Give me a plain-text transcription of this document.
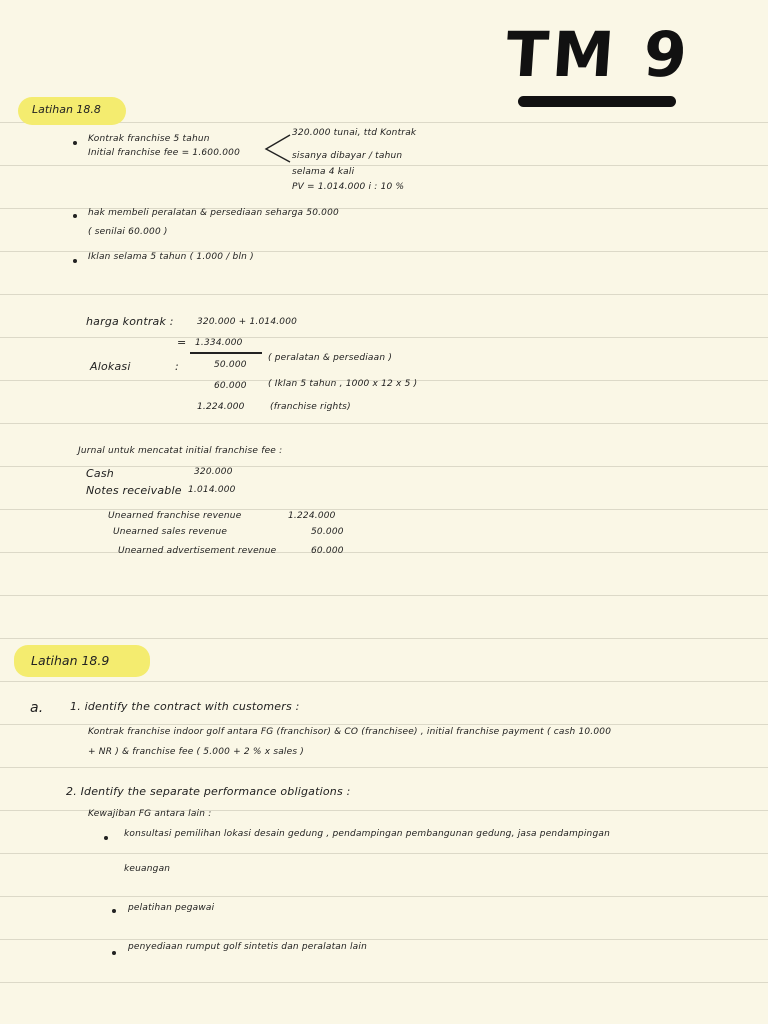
TM 9
Latihan 18.8
Kontrak franchise 5 tahun
Initial franchise fee = 1.600.000
320.000 tunai, ttd Kontrak
sisanya dibayar / tahun
selama 4 kali
PV = 1.014.000 i : 10 %
hak membeli peralatan & persediaan seharga 50.000
( senilai 60.000 )
Iklan selama 5 tahun ( 1.000 / bln )
harga kontrak :	320.000 + 1.014.000
= 1.334.000
Alokasi	:	50.000
( peralatan & persediaan )
60.000 ( Iklan 5 tahun , 1000 x 12 x 5 )
1.224.000	(franchise rights)
Jurnal untuk mencatat initial franchise fee :
Cash	320.000
Notes receivable 1.014.000
Unearned franchise revenue	1.224.000
Unearned sales revenue	50.000
Unearned advertisement revenue	60.000
Latihan 18.9
a. 1. identify the contract with customers :
Kontrak franchise indoor golf antara FG (franchisor) & CO (franchisee) , initial franchise payment ( cash 10.000
+ NR ) & franchise fee ( 5.000 + 2 % x sales )
2. Identify the separate performance obligations :
Kewajiban FG antara lain :
konsultasi pemilihan lokasi desain gedung , pendampingan pembangunan gedung, jasa pendampingan
keuangan
pelatihan pegawai
penyediaan rumput golf sintetis dan peralatan lain
